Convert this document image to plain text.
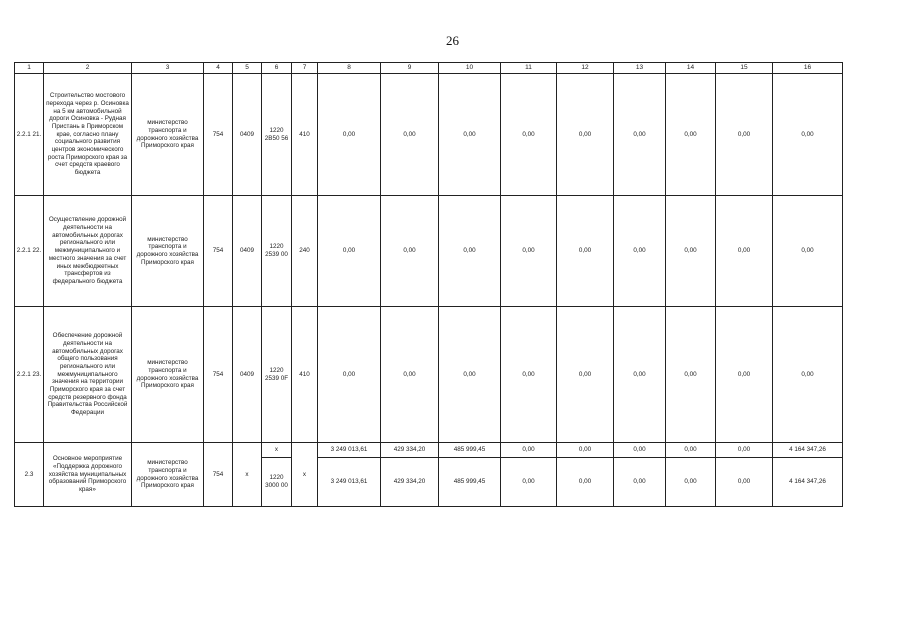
26
1	2	3	4	5	6	7	8	9	10	11	12	13	14	15	16
2.2.1 21.	Строительство мостового перехода через р. Осиновка на 5 км автомобильной дороги Осиновка - Рудная Пристань в Приморском крае, согласно плану социального развития центров экономического роста Приморского края за счет средств краевого бюджета	министерство транспорта и дорожного хозяйства Приморского края	754	0409	1220 2В50 56	410	0,00	0,00	0,00	0,00	0,00	0,00	0,00	0,00	0,00
2.2.1 22.	Осуществление дорожной деятельности на автомобильных дорогах регионального или межмуниципального и местного значения за счет иных межбюджетных трансфертов из федерального бюджета	министерство транспорта и дорожного хозяйства Приморского края	754	0409	1220 2539 00	240	0,00	0,00	0,00	0,00	0,00	0,00	0,00	0,00	0,00
2.2.1 23.	Обеспечение дорожной деятельности на автомобильных дорогах общего пользования регионального или межмуниципального значения на территории Приморского края за счет средств резервного фонда Правительства Российской Федерации	министерство транспорта и дорожного хозяйства Приморского края	754	0409	1220 2539 0F	410	0,00	0,00	0,00	0,00	0,00	0,00	0,00	0,00	0,00
2.3	Основное мероприятие «Поддержка дорожного хозяйства муниципальных образований Приморского края»	министерство транспорта и дорожного хозяйства Приморского края	754	x	x	x	3 249 013,61	429 334,20	485 999,45	0,00	0,00	0,00	0,00	0,00	4 164 347,26
					1220 3000 00		3 249 013,61	429 334,20	485 999,45	0,00	0,00	0,00	0,00	0,00	4 164 347,26
